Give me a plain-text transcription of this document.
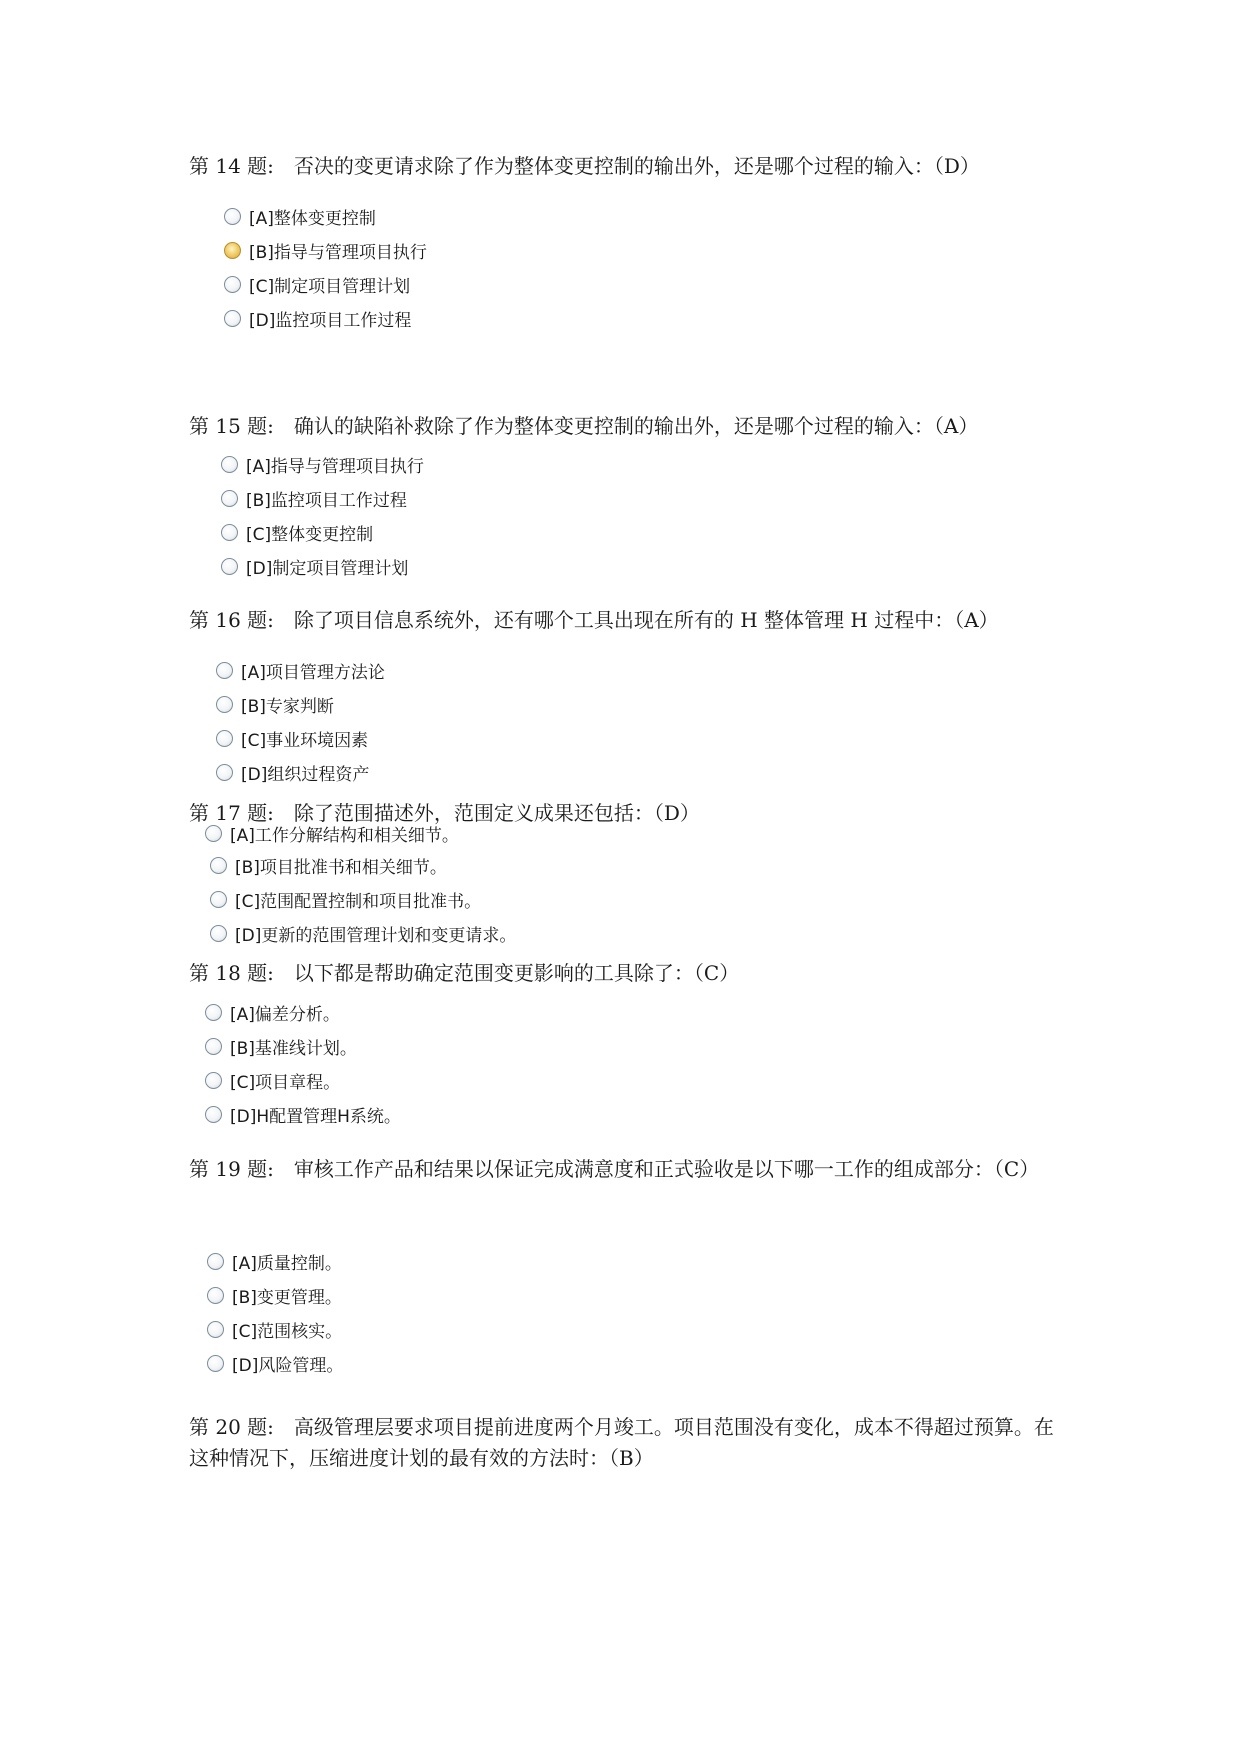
第 14 题:　否决的变更请求除了作为整体变更控制的输出外，还是哪个过程的输入：（D）
[A]整体变更控制
[B]指导与管理项目执行
[C]制定项目管理计划
[D]监控项目工作过程
第 15 题:　确认的缺陷补救除了作为整体变更控制的输出外，还是哪个过程的输入：（A）
[A]指导与管理项目执行
[B]监控项目工作过程
[C]整体变更控制
[D]制定项目管理计划
第 16 题:　除了项目信息系统外，还有哪个工具出现在所有的 H 整体管理 H 过程中：（A）
[A]项目管理方法论
[B]专家判断
[C]事业环境因素
[D]组织过程资产
第 17 题:　除了范围描述外，范围定义成果还包括：（D）
[A]工作分解结构和相关细节。
[B]项目批准书和相关细节。
[C]范围配置控制和项目批准书。
[D]更新的范围管理计划和变更请求。
第 18 题:　以下都是帮助确定范围变更影响的工具除了：（C）
[A]偏差分析。
[B]基准线计划。
[C]项目章程。
[D]H配置管理H系统。
第 19 题:　审核工作产品和结果以保证完成满意度和正式验收是以下哪一工作的组成部分：（C）
[A]质量控制。
[B]变更管理。
[C]范围核实。
[D]风险管理。
第 20 题:　高级管理层要求项目提前进度两个月竣工。项目范围没有变化，成本不得超过预算。在这种情况下，压缩进度计划的最有效的方法时：（B）
